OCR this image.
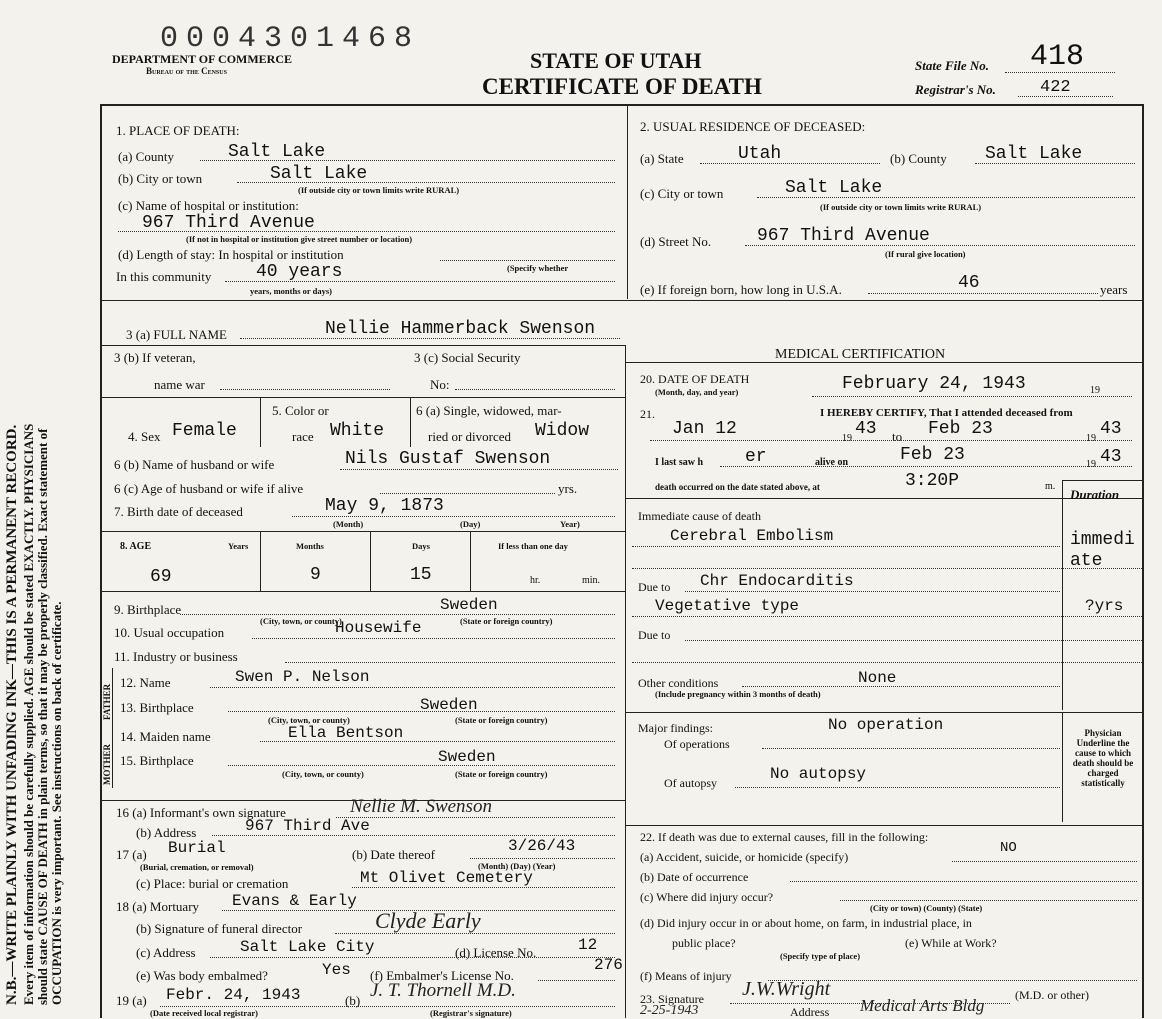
N.B.—WRITE PLAINLY WITH UNFADING INK—THIS IS A PERMANENT RECORD. Every item of information should be carefully supplied. AGE should be stated EXACTLY. PHYSICIANS should state CAUSE OF DEATH in plain terms, so that it may be properly classified. Exact statement of OCCUPATION is very important. See instructions on back of certificate.
0004301468
DEPARTMENT OF COMMERCE
Bureau of the Census	STATE OF UTAH
CERTIFICATE OF DEATH
State File No. 418
Registrar's No.	422
1. PLACE OF DEATH:
(a) County	Salt Lake
(b) City or town	Salt Lake
(If outside city or town limits write RURAL)
(c) Name of hospital or institution:
967 Third Avenue
(If not in hospital or institution give street number or location)
(d) Length of stay: In hospital or institution
In this community 40 years	(Specify whether
years, months or days)
2. USUAL RESIDENCE OF DECEASED:
(a) State	Utah	(b) County Salt Lake
(c) City or town	Salt Lake
(If outside city or town limits write RURAL)
(d) Street No.	967 Third Avenue
(If rural give location)
(e) If foreign born, how long in U.S.A.	46	years
3 (a) FULL NAME	Nellie Hammerback Swenson
3 (b) If veteran,
name war
3 (c) Social Security
No:
4. Sex Female
5. Color or
race White
6 (a) Single, widowed, mar-
ried or divorced Widow
6 (b) Name of husband or wife	Nils Gustaf Swenson
6 (c) Age of husband or wife if alive	yrs.
7. Birth date of deceased	May 9, 1873
(Month)	(Day)	Year)
8. AGE	Years	Months	Days	If less than one day
69	9	15	hr.	min.
9. Birthplace	Sweden
(City, town, or county)	(State or foreign country)
10. Usual occupation	Housewife
11. Industry or business
FATHER
MOTHER
12. Name	Swen P. Nelson
13. Birthplace	Sweden
(City, town, or county)	(State or foreign country)
14. Maiden name	Ella Bentson
15. Birthplace	Sweden
(City, town, or county)	(State or foreign country)
16 (a) Informant's own signature	Nellie M. Swenson
(b) Address	967 Third Ave
17 (a) Burial
(Burial, cremation, or removal)
(b) Date thereof	3/26/43
(Month) (Day) (Year)
(c) Place: burial or cremation	Mt Olivet Cemetery
18 (a) Mortuary Evans & Early
(b) Signature of funeral director	Clyde Early
(c) Address	Salt Lake City	(d) License No.	12
(e) Was body embalmed?	Yes (f) Embalmer's License No.
276
19 (a) Febr. 24, 1943	(b) J. T. Thornell M.D.
(Date received local registrar)	(Registrar's signature)
MEDICAL CERTIFICATION
20. DATE OF DEATH
(Month, day, and year)	February 24, 1943	19
21.	I HEREBY CERTIFY, That I attended deceased from
Jan 12	19 43 to Feb 23	19 43
I last saw h er	alive on	Feb 23	19 43
death occurred on the date stated above, at	3:20P	m.
Duration
Immediate cause of death
Cerebral Embolism	immediate
Due to Chr Endocarditis
Vegetative type	?yrs
Due to
Other conditions	None
(Include pregnancy within 3 months of death)
Major findings:	No operation
Of operations
Of autopsy	No autopsy
Physician Underline the cause to which death should be charged statistically
22. If death was due to external causes, fill in the following:
(a) Accident, suicide, or homicide (specify)
NO
(b) Date of occurrence
(c) Where did injury occur?
(City or town) (County) (State)
(d) Did injury occur in or about home, on farm, in industrial place, in
public place?	(e) While at Work?
(Specify type of place)
(f) Means of injury
23. Signature J.W.Wright	(M.D. or other)
2-25-1943	Address Medical Arts Bldg
